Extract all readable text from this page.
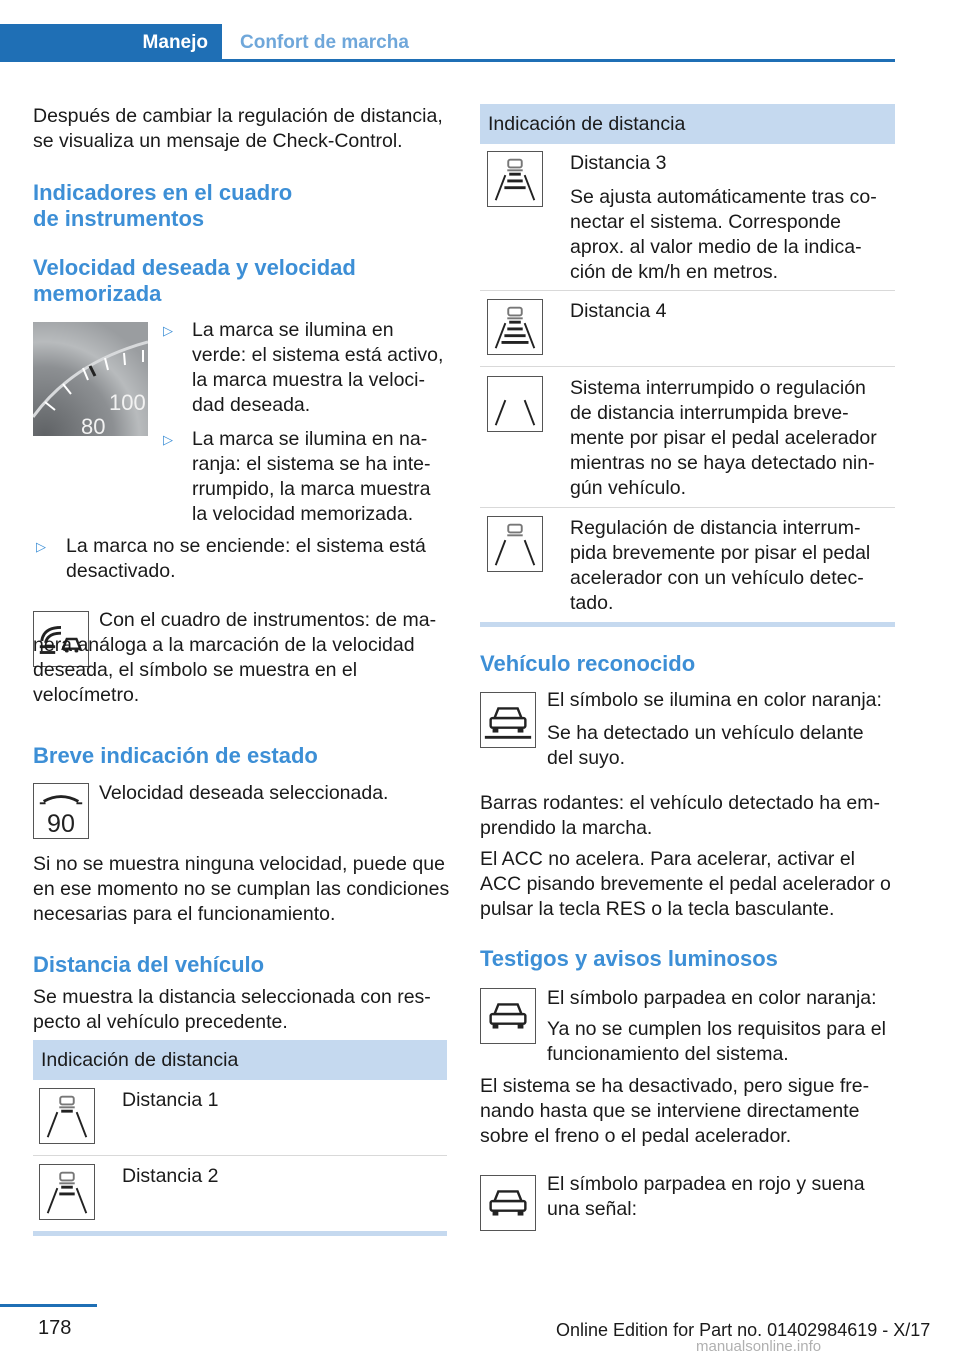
Manejo	Confort de marcha
Después de cambiar la regulación de distancia, se visualiza un mensaje de Check-Control.
Indicadores en el cuadro de instrumentos
Velocidad deseada y velocidad memorizada
100
80
▷ La marca se ilumina en verde: el sistema está activo, la marca muestra la velocidad deseada.
▷ La marca se ilumina en naranja: el sistema se ha interrumpido, la marca muestra la velocidad memorizada.
▷ La marca no se enciende: el sistema está desactivado.
Con el cuadro de instrumentos: de manera análoga a la marcación de la velocidad deseada, el símbolo se muestra en el velocímetro.
Breve indicación de estado
90
Velocidad deseada seleccionada.
Si no se muestra ninguna velocidad, puede que en ese momento no se cumplan las condiciones necesarias para el funcionamiento.
Distancia del vehículo
Se muestra la distancia seleccionada con respecto al vehículo precedente.
Indicación de distancia
Distancia 1
Distancia 2
Indicación de distancia
Distancia 3
Se ajusta automáticamente tras conectar el sistema. Corresponde aprox. al valor medio de la indicación de km/h en metros.
Distancia 4
Sistema interrumpido o regulación de distancia interrumpida brevemente por pisar el pedal acelerador mientras no se haya detectado ningún vehículo.
Regulación de distancia interrumpida brevemente por pisar el pedal acelerador con un vehículo detectado.
Vehículo reconocido
El símbolo se ilumina en color naranja:
Se ha detectado un vehículo delante del suyo.
Barras rodantes: el vehículo detectado ha emprendido la marcha.
El ACC no acelera. Para acelerar, activar el ACC pisando brevemente el pedal acelerador o pulsar la tecla RES o la tecla basculante.
Testigos y avisos luminosos
El símbolo parpadea en color naranja:
Ya no se cumplen los requisitos para el funcionamiento del sistema.
El sistema se ha desactivado, pero sigue frenando hasta que se interviene directamente sobre el freno o el pedal acelerador.
El símbolo parpadea en rojo y suena una señal:
178	Online Edition for Part no. 01402984619 - X/17
manualsonline.info
